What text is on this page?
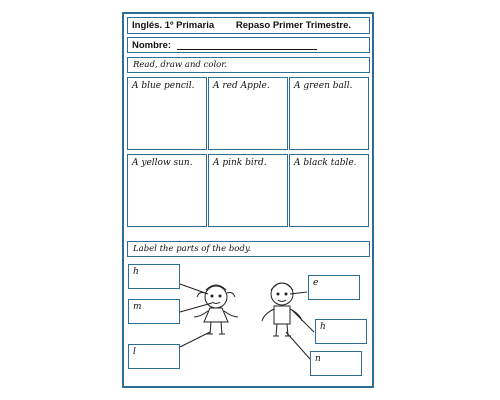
Inglés. 1º Primaria Repaso Primer Trimestre.
Nombre:
Read, draw and color.
A blue pencil.	A red Apple.	A green ball.
A yellow sun.	A pink bird.	A black table.
Label the parts of the body.
h
m
l
e
h
n
